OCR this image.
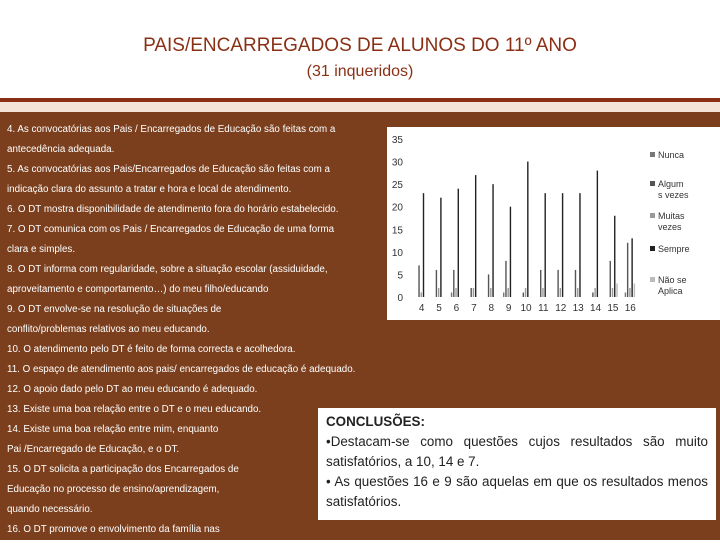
PAIS/ENCARREGADOS DE ALUNOS DO 11º ANO
(31 inqueridos)
4. As convocatórias aos Pais / Encarregados de Educação são feitas com a
antecedência adequada.
5. As convocatórias aos Pais/Encarregados de Educação são feitas com a
indicação clara do assunto a tratar e hora e local de atendimento.
6. O DT mostra disponibilidade de atendimento fora do horário estabelecido.
7. O DT comunica com os Pais / Encarregados de Educação de uma forma
clara e simples.
8. O DT informa com regularidade, sobre a situação escolar (assiduidade,
aproveitamento e comportamento…) do meu filho/educando
9. O DT envolve-se na resolução de situações de
conflito/problemas relativos ao meu educando.
10. O atendimento pelo DT é feito de forma correcta e acolhedora.
11. O espaço de atendimento aos pais/ encarregados de educação é adequado.
12. O apoio dado pelo DT ao meu educando é adequado.
13. Existe uma boa relação entre o DT e o meu educando.
14. Existe uma boa relação entre mim, enquanto
Pai /Encarregado de Educação, e o DT.
15. O DT solicita a participação dos Encarregados de
Educação no processo de ensino/aprendizagem,
quando necessário.
16. O DT promove o envolvimento da família nas
actividades da Escola
0
5
10
15
20
25
30
35
4 5 6 7 8 9 10 11 12 13 14 15 16
Nunca
Algum s vezes
Muitas vezes
Sempre
Não se Aplica
CONCLUSÕES:
•Destacam-se como questões cujos resultados são muito satisfatórios, a 10, 14 e 7.
• As questões 16 e 9 são aquelas em que os resultados menos satisfatórios.
